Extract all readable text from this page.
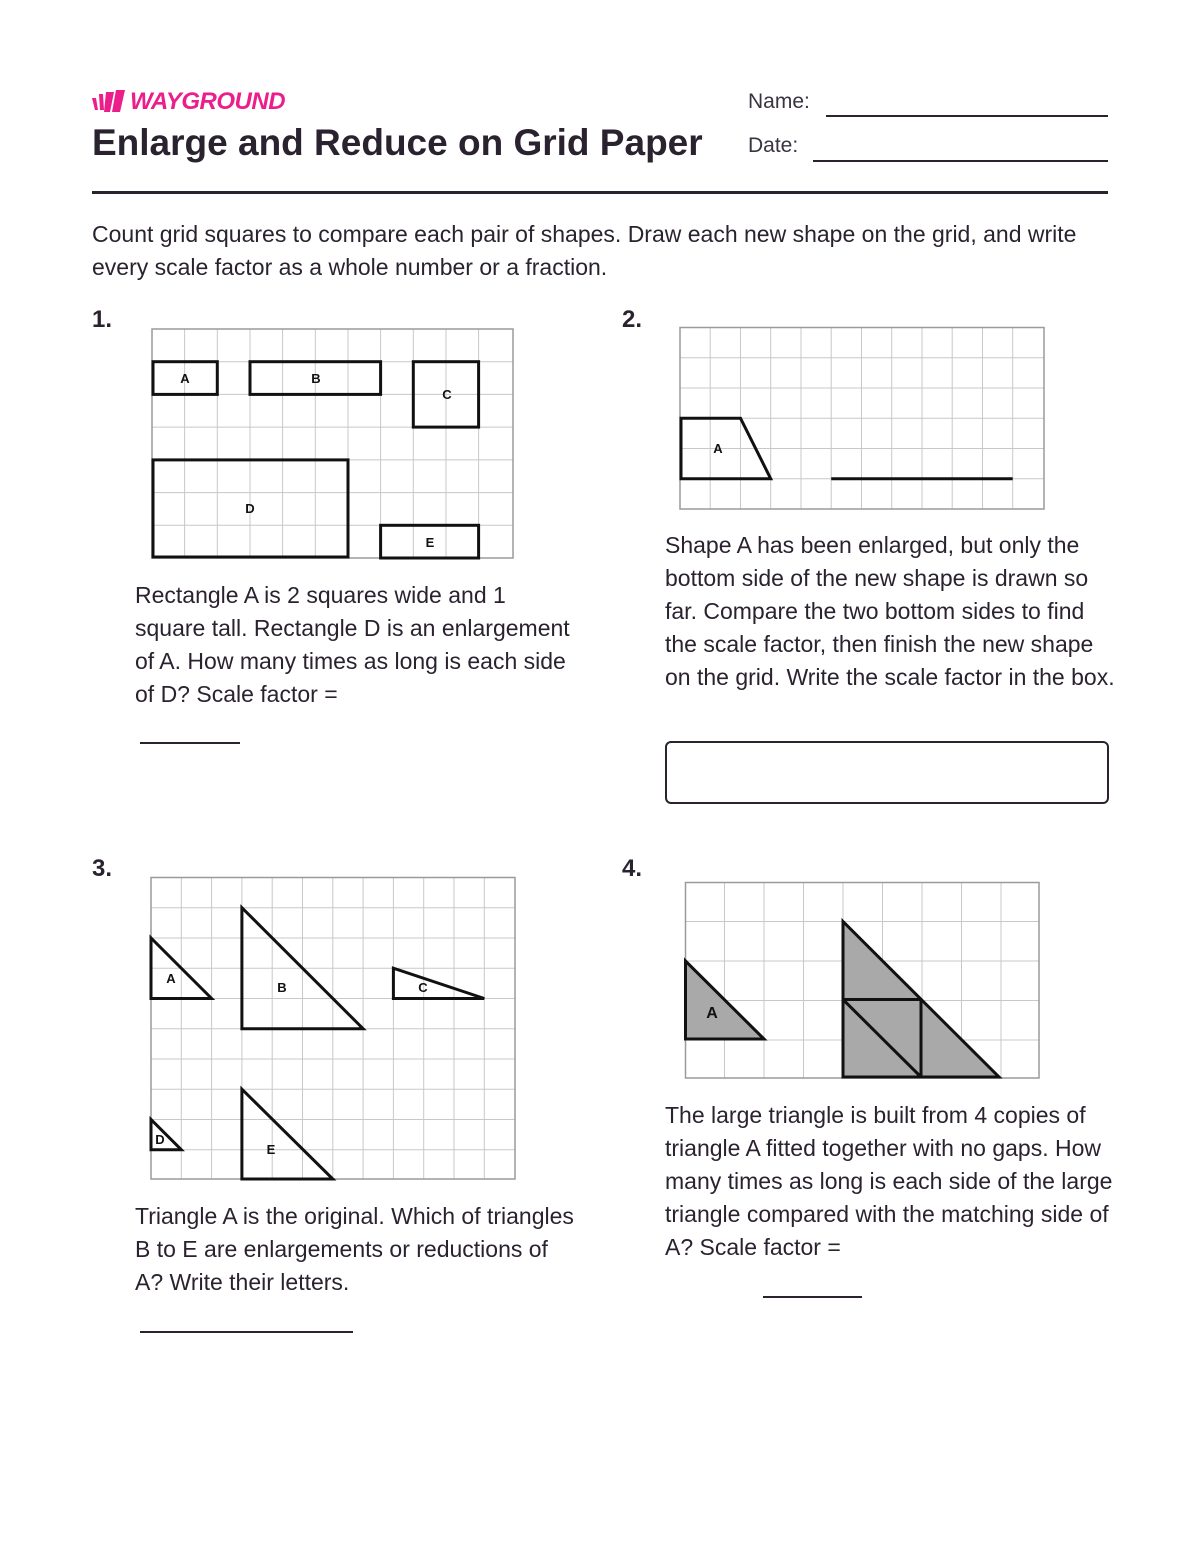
WAYGROUND
Enlarge and Reduce on Grid Paper
Name:
Date:
Count grid squares to compare each pair of shapes. Draw each new shape on the grid, and write every scale factor as a whole number or a fraction.
1.
A	B
C
D
E
Rectangle A is 2 squares wide and 1 square tall. Rectangle D is an enlargement of A. How many times as long is each side of D? Scale factor =
2.
A
Shape A has been enlarged, but only the bottom side of the new shape is drawn so far. Compare the two bottom sides to find the scale factor, then finish the new shape on the grid. Write the scale factor in the box.
3.
A
B	C
D
E
Triangle A is the original. Which of triangles B to E are enlargements or reductions of A? Write their letters.
4.
A
The large triangle is built from 4 copies of triangle A fitted together with no gaps. How many times as long is each side of the large triangle compared with the matching side of A? Scale factor =
